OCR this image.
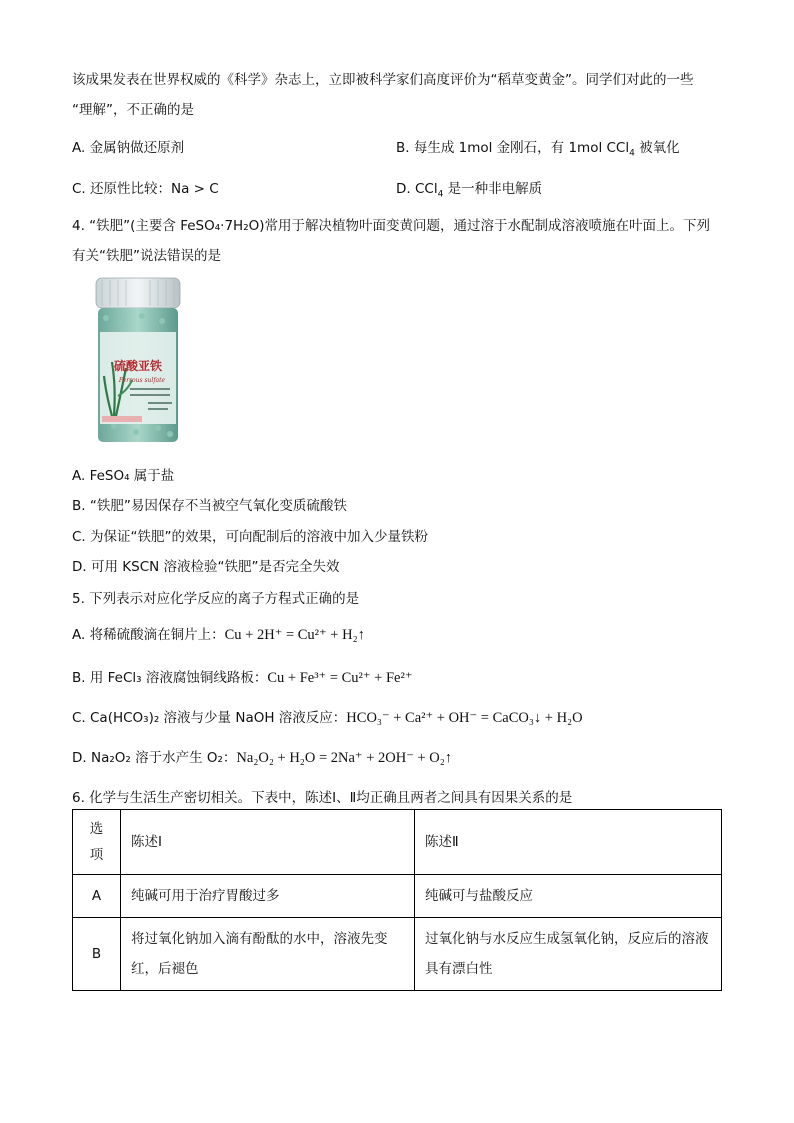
该成果发表在世界权威的《科学》杂志上，立即被科学家们高度评价为“稻草变黄金”。同学们对此的一些
“理解”，不正确的是
A. 金属钠做还原剂	B. 每生成 1mol 金刚石，有 1mol CCl$_4$ 被氧化
C. 还原性比较：Na > C	D. CCl$_4$ 是一种非电解质
4. “铁肥”(主要含 FeSO₄·7H₂O)常用于解决植物叶面变黄问题，通过溶于水配制成溶液喷施在叶面上。下列
有关“铁肥”说法错误的是
硫酸亚铁
Ferrous sulfate
A. FeSO₄ 属于盐
B. “铁肥”易因保存不当被空气氧化变质硫酸铁
C. 为保证“铁肥”的效果，可向配制后的溶液中加入少量铁粉
D. 可用 KSCN 溶液检验“铁肥”是否完全失效
5. 下列表示对应化学反应的离子方程式正确的是
A. 将稀硫酸滴在铜片上：Cu + 2H⁺ = Cu²⁺ + H₂↑
B. 用 FeCl₃ 溶液腐蚀铜线路板：Cu + Fe³⁺ = Cu²⁺ + Fe²⁺
C. Ca(HCO₃)₂ 溶液与少量 NaOH 溶液反应：HCO₃⁻ + Ca²⁺ + OH⁻ = CaCO₃↓ + H₂O
D. Na₂O₂ 溶于水产生 O₂：Na₂O₂ + H₂O = 2Na⁺ + 2OH⁻ + O₂↑
6. 化学与生活生产密切相关。下表中，陈述Ⅰ、Ⅱ均正确且两者之间具有因果关系的是
选项	陈述Ⅰ	陈述Ⅱ
A	纯碱可用于治疗胃酸过多	纯碱可与盐酸反应
B	将过氧化钠加入滴有酚酞的水中，溶液先变红，后褪色	过氧化钠与水反应生成氢氧化钠，反应后的溶液具有漂白性
